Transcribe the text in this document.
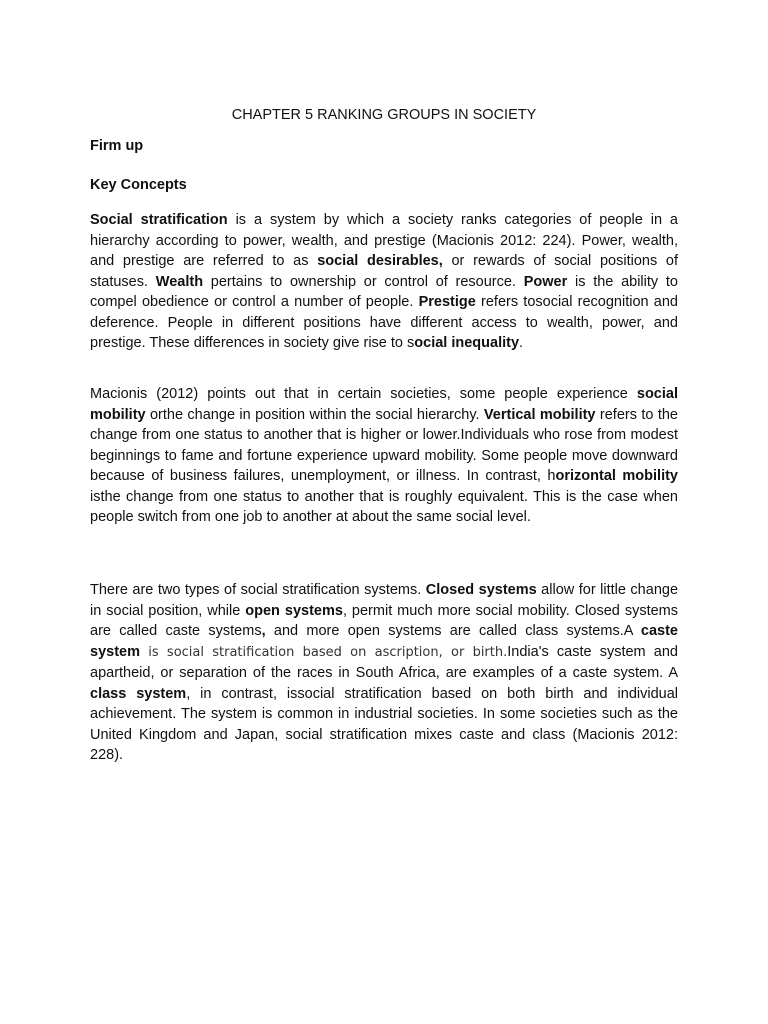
CHAPTER 5 RANKING GROUPS IN SOCIETY
Firm up
Key Concepts

Social stratification is a system by which a society ranks categories of people in a hierarchy according to power, wealth, and prestige (Macionis 2012: 224). Power, wealth, and prestige are referred to as social desirables, or rewards of social positions of statuses. Wealth pertains to ownership or control of resource. Power is the ability to compel obedience or control a number of people. Prestige refers tosocial recognition and deference. People in different positions have different access to wealth, power, and prestige. These differences in society give rise to social inequality.

Macionis (2012) points out that in certain societies, some people experience social mobility orthe change in position within the social hierarchy. Vertical mobility refers to the change from one status to another that is higher or lower.Individuals who rose from modest beginnings to fame and fortune experience upward mobility. Some people move downward because of business failures, unemployment, or illness. In contrast, horizontal mobility isthe change from one status to another that is roughly equivalent. This is the case when people switch from one job to another at about the same social level.

There are two types of social stratification systems. Closed systems allow for little change in social position, while open systems, permit much more social mobility. Closed systems are called caste systems, and more open systems are called class systems.A caste system is social stratification based on ascription, or birth.India's caste system and apartheid, or separation of the races in South Africa, are examples of a caste system. A class system, in contrast, issocial stratification based on both birth and individual achievement. The system is common in industrial societies. In some societies such as the United Kingdom and Japan, social stratification mixes caste and class (Macionis 2012: 228).
